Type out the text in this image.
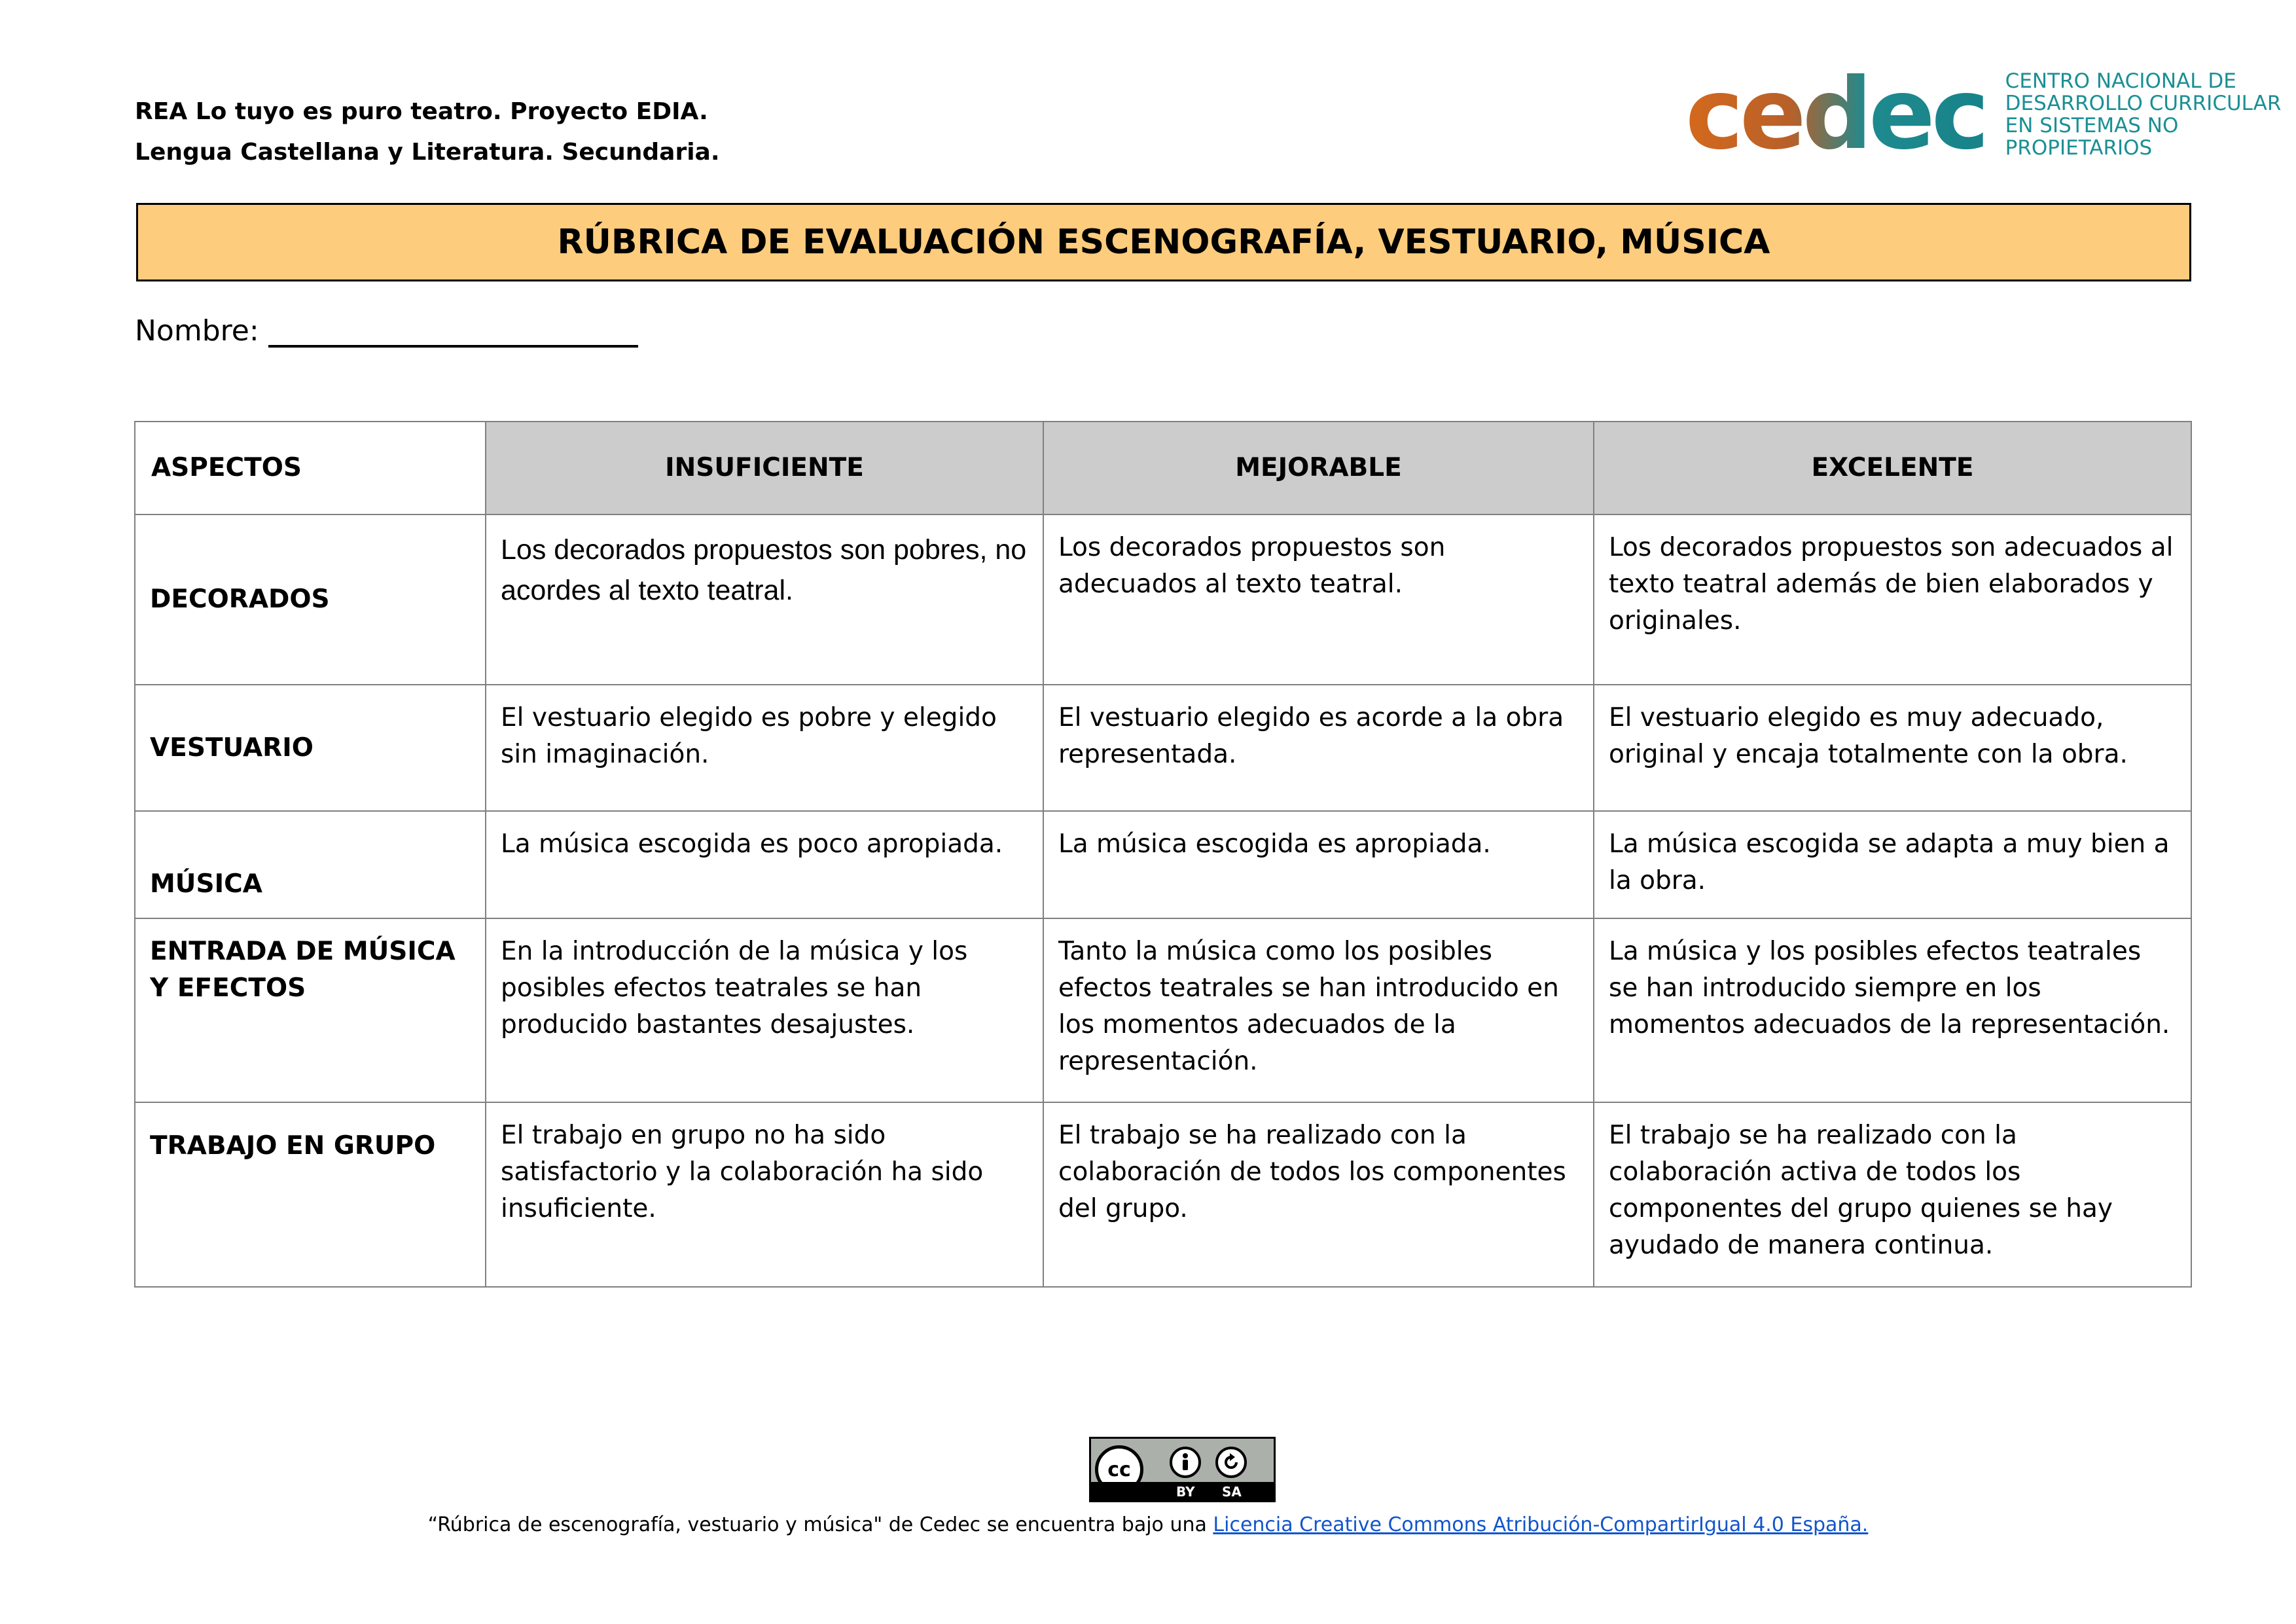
REA Lo tuyo es puro teatro. Proyecto EDIA.
Lengua Castellana y Literatura. Secundaria.	cedec CENTRO NACIONAL DE
DESARROLLO CURRICULAR
EN SISTEMAS NO PROPIETARIOS
RÚBRICA DE EVALUACIÓN ESCENOGRAFÍA, VESTUARIO, MÚSICA
Nombre:
ASPECTOS	INSUFICIENTE	MEJORABLE	EXCELENTE
DECORADOS	Los decorados propuestos son pobres, no acordes al texto teatral.	Los decorados propuestos son adecuados al texto teatral.	Los decorados propuestos son adecuados al texto teatral además de bien elaborados y originales.
VESTUARIO	El vestuario elegido es pobre y elegido sin imaginación.	El vestuario elegido es acorde a la obra representada.	El vestuario elegido es muy adecuado, original y encaja totalmente con la obra.
MÚSICA	La música escogida es poco apropiada.	La música escogida es apropiada.	La música escogida se adapta a muy bien a la obra.
ENTRADA DE MÚSICA Y EFECTOS	En la introducción de la música y los posibles efectos teatrales se han producido bastantes desajustes.	Tanto la música como los posibles efectos teatrales se han introducido en los momentos adecuados de la representación.	La música y los posibles efectos teatrales se han introducido siempre en los momentos adecuados de la representación.
TRABAJO EN GRUPO	El trabajo en grupo no ha sido satisfactorio y la colaboración ha sido insuficiente.	El trabajo se ha realizado con la colaboración de todos los componentes del grupo.	El trabajo se ha realizado con la colaboración activa de todos los componentes del grupo quienes se hay ayudado de manera continua.
cc
BY SA
“Rúbrica de escenografía, vestuario y música" de Cedec se encuentra bajo una Licencia Creative Commons Atribución-CompartirIgual 4.0 España.
